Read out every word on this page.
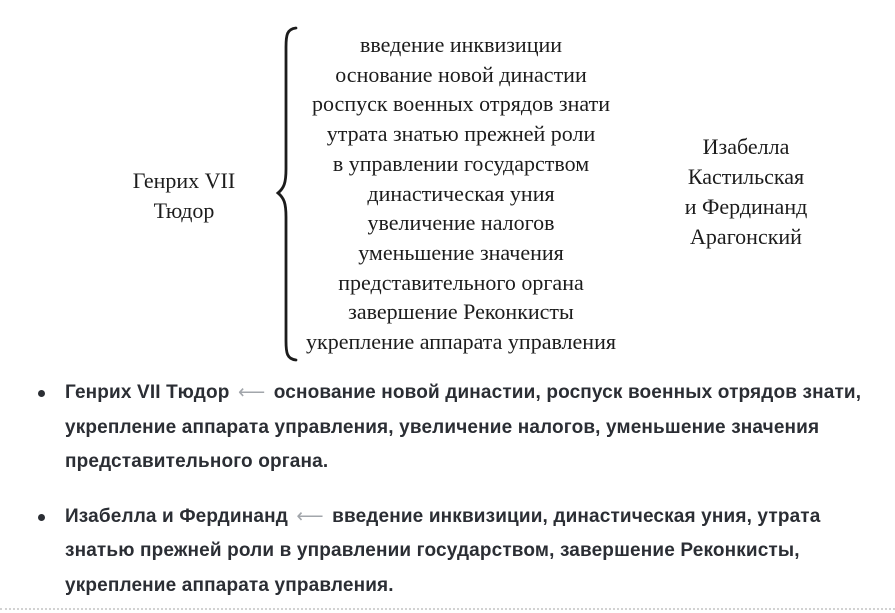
Генрих VII
Тюдор
введение инквизиции
основание новой династии
роспуск военных отрядов знати
утрата знатью прежней роли
в управлении государством
династическая уния
увеличение налогов
уменьшение значения
представительного органа
завершение Реконкисты
укрепление аппарата управления
Изабелла
Кастильская
и Фердинанд
Арагонский
Генрих VII Тюдор ⟵ основание новой династии, роспуск военных отрядов знати, укрепление аппарата управления, увеличение налогов, уменьшение значения представительного органа.
Изабелла и Фердинанд ⟵ введение инквизиции, династическая уния, утрата знатью прежней роли в управлении государством, завершение Реконкисты, укрепление аппарата управления.
